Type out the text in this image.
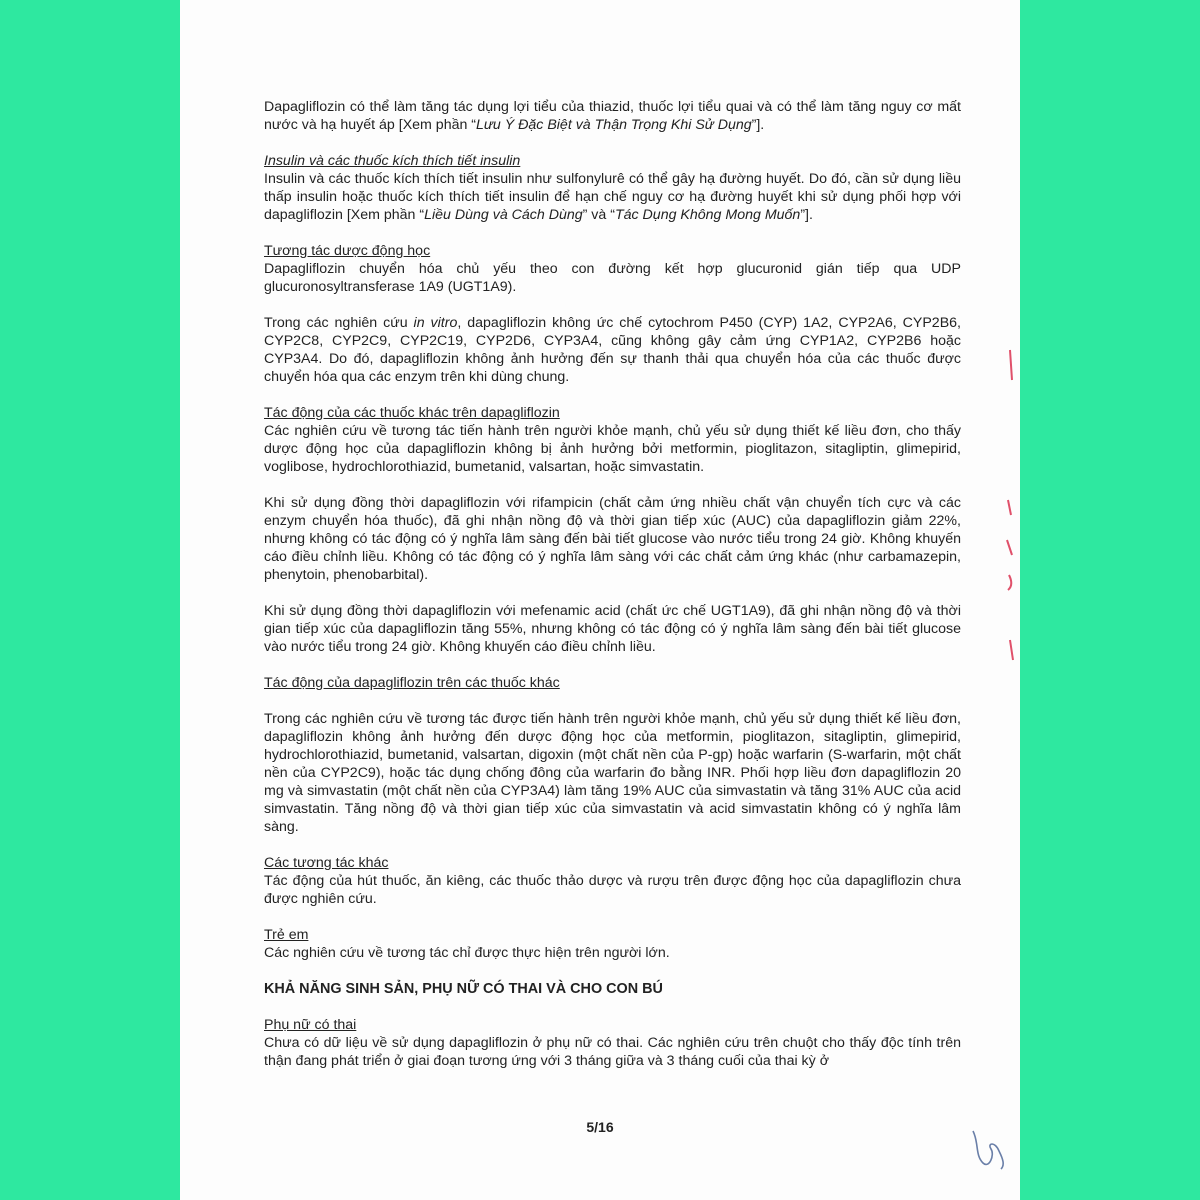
Dapagliflozin có thể làm tăng tác dụng lợi tiểu của thiazid, thuốc lợi tiểu quai và có thể làm tăng nguy cơ mất nước và hạ huyết áp [Xem phần “Lưu Ý Đặc Biệt và Thận Trọng Khi Sử Dụng”].

Insulin và các thuốc kích thích tiết insulin

Insulin và các thuốc kích thích tiết insulin như sulfonylurê có thể gây hạ đường huyết. Do đó, cần sử dụng liều thấp insulin hoặc thuốc kích thích tiết insulin để hạn chế nguy cơ hạ đường huyết khi sử dụng phối hợp với dapagliflozin [Xem phần “Liều Dùng và Cách Dùng” và “Tác Dụng Không Mong Muốn”].

Tương tác dược động học

Dapagliflozin chuyển hóa chủ yếu theo con đường kết hợp glucuronid gián tiếp qua UDP glucuronosyltransferase 1A9 (UGT1A9).

Trong các nghiên cứu in vitro, dapagliflozin không ức chế cytochrom P450 (CYP) 1A2, CYP2A6, CYP2B6, CYP2C8, CYP2C9, CYP2C19, CYP2D6, CYP3A4, cũng không gây cảm ứng CYP1A2, CYP2B6 hoặc CYP3A4. Do đó, dapagliflozin không ảnh hưởng đến sự thanh thải qua chuyển hóa của các thuốc được chuyển hóa qua các enzym trên khi dùng chung.

Tác động của các thuốc khác trên dapagliflozin

Các nghiên cứu về tương tác tiến hành trên người khỏe mạnh, chủ yếu sử dụng thiết kế liều đơn, cho thấy dược động học của dapagliflozin không bị ảnh hưởng bởi metformin, pioglitazon, sitagliptin, glimepirid, voglibose, hydrochlorothiazid, bumetanid, valsartan, hoặc simvastatin.

Khi sử dụng đồng thời dapagliflozin với rifampicin (chất cảm ứng nhiều chất vận chuyển tích cực và các enzym chuyển hóa thuốc), đã ghi nhận nồng độ và thời gian tiếp xúc (AUC) của dapagliflozin giảm 22%, nhưng không có tác động có ý nghĩa lâm sàng đến bài tiết glucose vào nước tiểu trong 24 giờ. Không khuyến cáo điều chỉnh liều. Không có tác động có ý nghĩa lâm sàng với các chất cảm ứng khác (như carbamazepin, phenytoin, phenobarbital).

Khi sử dụng đồng thời dapagliflozin với mefenamic acid (chất ức chế UGT1A9), đã ghi nhận nồng độ và thời gian tiếp xúc của dapagliflozin tăng 55%, nhưng không có tác động có ý nghĩa lâm sàng đến bài tiết glucose vào nước tiểu trong 24 giờ. Không khuyến cáo điều chỉnh liều.

Tác động của dapagliflozin trên các thuốc khác

Trong các nghiên cứu về tương tác được tiến hành trên người khỏe mạnh, chủ yếu sử dụng thiết kế liều đơn, dapagliflozin không ảnh hưởng đến dược động học của metformin, pioglitazon, sitagliptin, glimepirid, hydrochlorothiazid, bumetanid, valsartan, digoxin (một chất nền của P-gp) hoặc warfarin (S-warfarin, một chất nền của CYP2C9), hoặc tác dụng chống đông của warfarin đo bằng INR. Phối hợp liều đơn dapagliflozin 20 mg và simvastatin (một chất nền của CYP3A4) làm tăng 19% AUC của simvastatin và tăng 31% AUC của acid simvastatin. Tăng nồng độ và thời gian tiếp xúc của simvastatin và acid simvastatin không có ý nghĩa lâm sàng.

Các tương tác khác

Tác động của hút thuốc, ăn kiêng, các thuốc thảo dược và rượu trên được động học của dapagliflozin chưa được nghiên cứu.

Trẻ em

Các nghiên cứu về tương tác chỉ được thực hiện trên người lớn.

KHẢ NĂNG SINH SẢN, PHỤ NỮ CÓ THAI VÀ CHO CON BÚ
Phụ nữ có thai

Chưa có dữ liệu về sử dụng dapagliflozin ở phụ nữ có thai. Các nghiên cứu trên chuột cho thấy độc tính trên thận đang phát triển ở giai đoạn tương ứng với 3 tháng giữa và 3 tháng cuối của thai kỳ ở

5/16
